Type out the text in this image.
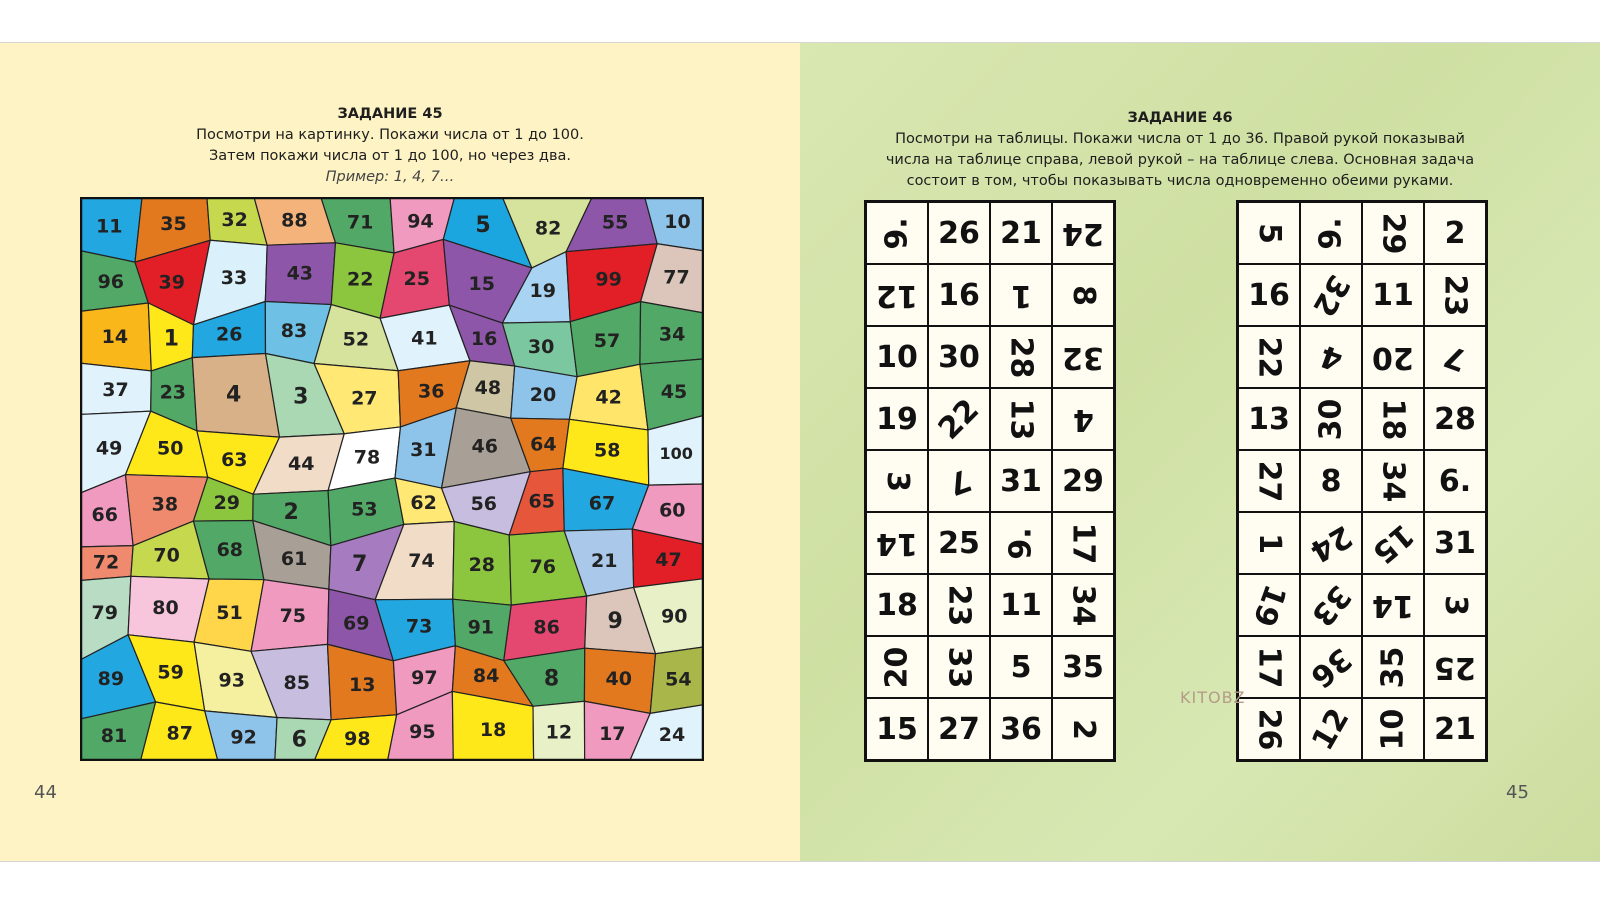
ЗАДАНИЕ 45
Посмотри на картинку. Покажи числа от 1 до 100.
Затем покажи числа от 1 до 100, но через два.
Пример: 1, 4, 7…
11 35 32 88 71 94 5 82 55 10
96 39 33 43 22 25 15 19
99 77
14 1 26 83 52 41 16 30 57 34
37 23 4 3 27 36 48 20 42 45
49 50
63 44 78 31 46 64 58 100
66 38 29 2	53 62 56 65 67 60
72 70 68 61 7 74 28 76 21 47
79 80 51 75 69 73 91 86 9 90
89 59 93 85 13 97 84 8 40 54
81 87 92 6 98 95 18 12 17 24
44
ЗАДАНИЕ 46
Посмотри на таблицы. Покажи числа от 1 до 36. Правой рукой показывай
числа на таблице справа, левой рукой – на таблице слева. Основная задача
состоит в том, чтобы показывать числа одновременно обеими руками.
9. 26 21 24
12 16 1 8
10 30 28 32
19 22 13 4
3 7 31 29
14 25 9. 17
18 23 11 34
20 33 5 35
15 27 36 2
5 9. 29 2
16 32 11 23
22 4 20 7
13 30 18 28
27 8 34 6.
1 24 15 31
19 33 14 3
17 36 35 25
26 12 10 21
KITOBZ
45
